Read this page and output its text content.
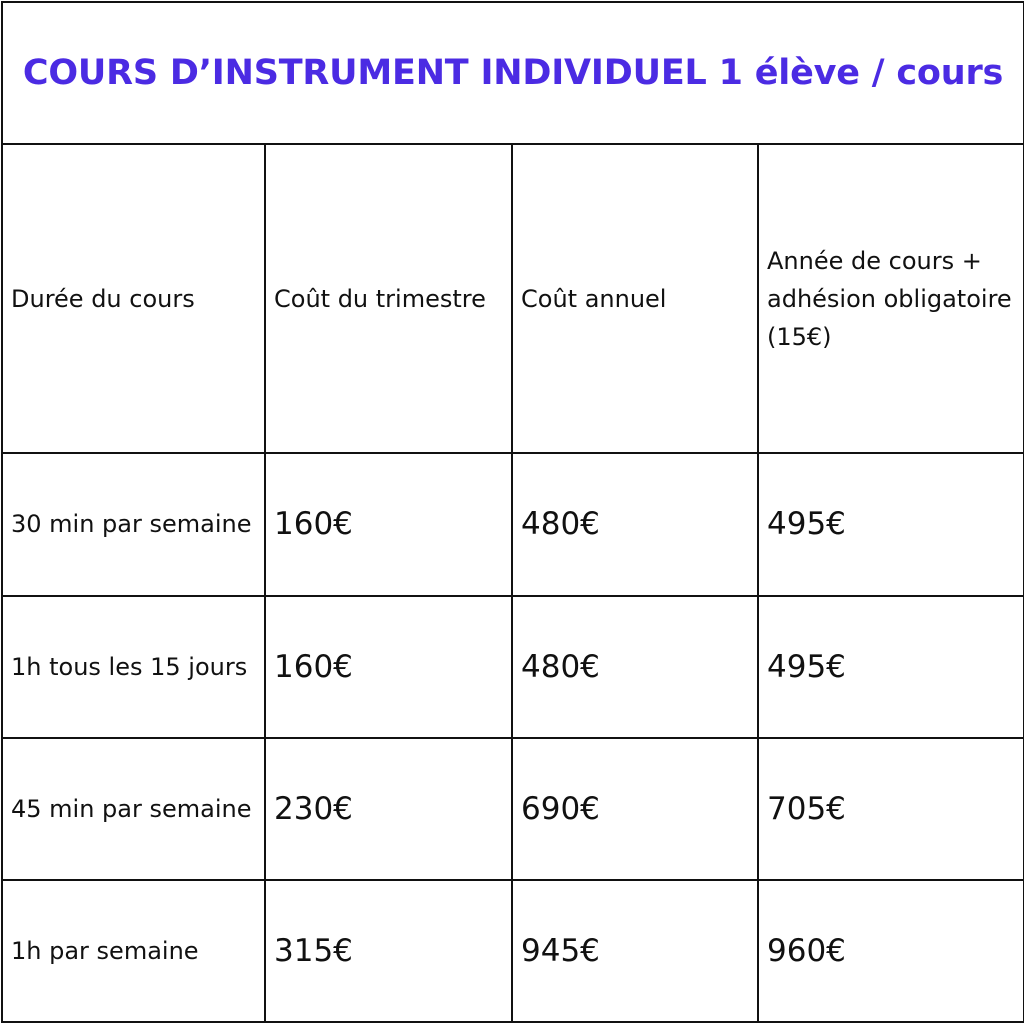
COURS D’INSTRUMENT INDIVIDUEL 1 élève / cours			
Durée du cours	Coût du trimestre	Coût annuel	Année de cours + adhésion obligatoire (15€)
30 min par semaine	160€	480€	495€
1h tous les 15 jours	160€	480€	495€
45 min par semaine	230€	690€	705€
1h par semaine	315€	945€	960€
